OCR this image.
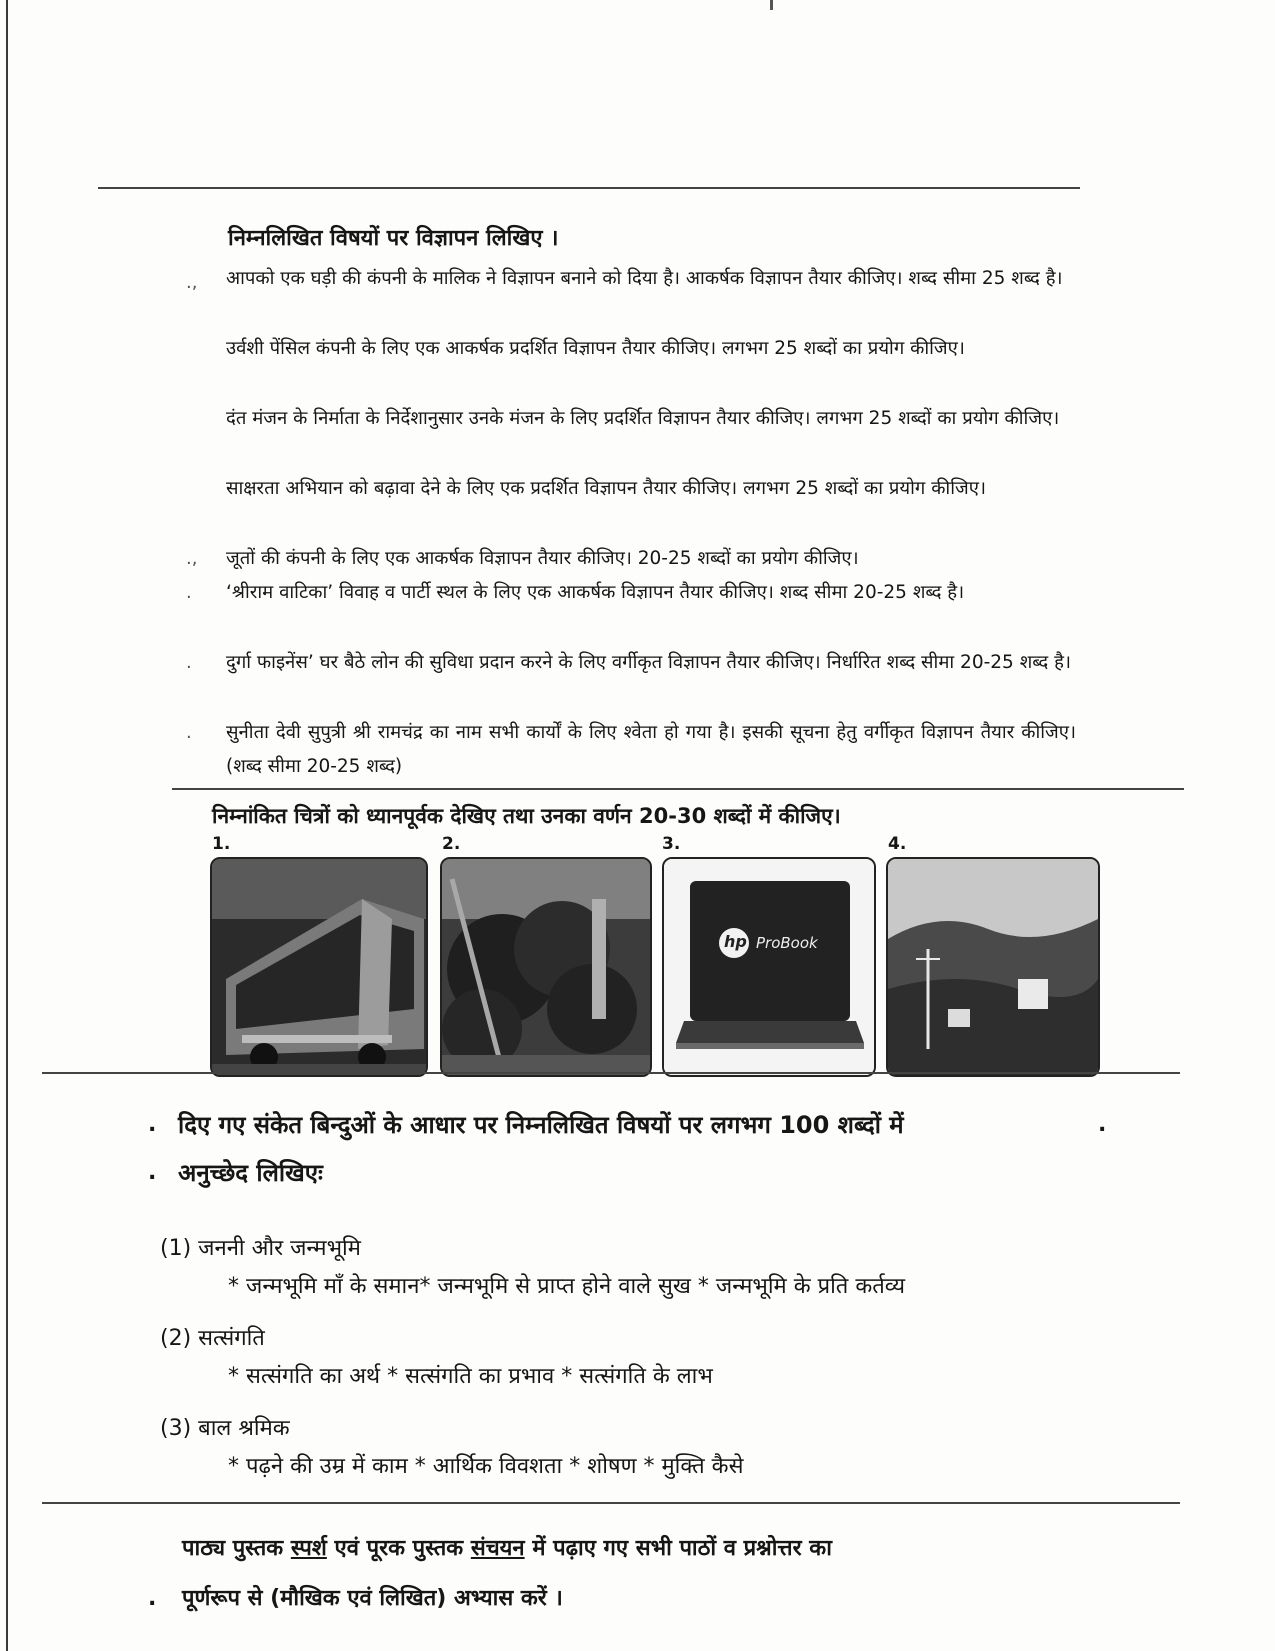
निम्नलिखित विषयों पर विज्ञापन लिखिए ।
., आपको एक घड़ी की कंपनी के मालिक ने विज्ञापन बनाने को दिया है। आकर्षक विज्ञापन तैयार कीजिए। शब्द सीमा 25 शब्द है।
उर्वशी पेंसिल कंपनी के लिए एक आकर्षक प्रदर्शित विज्ञापन तैयार कीजिए। लगभग 25 शब्दों का प्रयोग कीजिए।
दंत मंजन के निर्माता के निर्देशानुसार उनके मंजन के लिए प्रदर्शित विज्ञापन तैयार कीजिए। लगभग 25 शब्दों का प्रयोग कीजिए।
साक्षरता अभियान को बढ़ावा देने के लिए एक प्रदर्शित विज्ञापन तैयार कीजिए। लगभग 25 शब्दों का प्रयोग कीजिए।
., जूतों की कंपनी के लिए एक आकर्षक विज्ञापन तैयार कीजिए। 20-25 शब्दों का प्रयोग कीजिए।
. ‘श्रीराम वाटिका’ विवाह व पार्टी स्थल के लिए एक आकर्षक विज्ञापन तैयार कीजिए। शब्द सीमा 20-25 शब्द है।
. दुर्गा फाइनेंस’ घर बैठे लोन की सुविधा प्रदान करने के लिए वर्गीकृत विज्ञापन तैयार कीजिए। निर्धारित शब्द सीमा 20-25 शब्द है।
. सुनीता देवी सुपुत्री श्री रामचंद्र का नाम सभी कार्यों के लिए श्वेता हो गया है। इसकी सूचना हेतु वर्गीकृत विज्ञापन तैयार कीजिए। (शब्द सीमा 20-25 शब्द)
निम्नांकित चित्रों को ध्यानपूर्वक देखिए तथा उनका वर्णन 20-30 शब्दों में कीजिए।
1.	2.	3.	4.
hp ProBook
. दिए गए संकेत बिन्दुओं के आधार पर निम्नलिखित विषयों पर लगभग 100 शब्दों में	.
. अनुच्छेद लिखिएः
(1) जननी और जन्मभूमि
* जन्मभूमि माँ के समान* जन्मभूमि से प्राप्त होने वाले सुख * जन्मभूमि के प्रति कर्तव्य
(2) सत्संगति
* सत्संगति का अर्थ * सत्संगति का प्रभाव * सत्संगति के लाभ
(3) बाल श्रमिक
* पढ़ने की उम्र में काम * आर्थिक विवशता * शोषण * मुक्ति कैसे
पाठ्य पुस्तक स्पर्श एवं पूरक पुस्तक संचयन में पढ़ाए गए सभी पाठों व प्रश्नोत्तर का
. पूर्णरूप से (मौखिक एवं लिखित) अभ्यास करें ।
